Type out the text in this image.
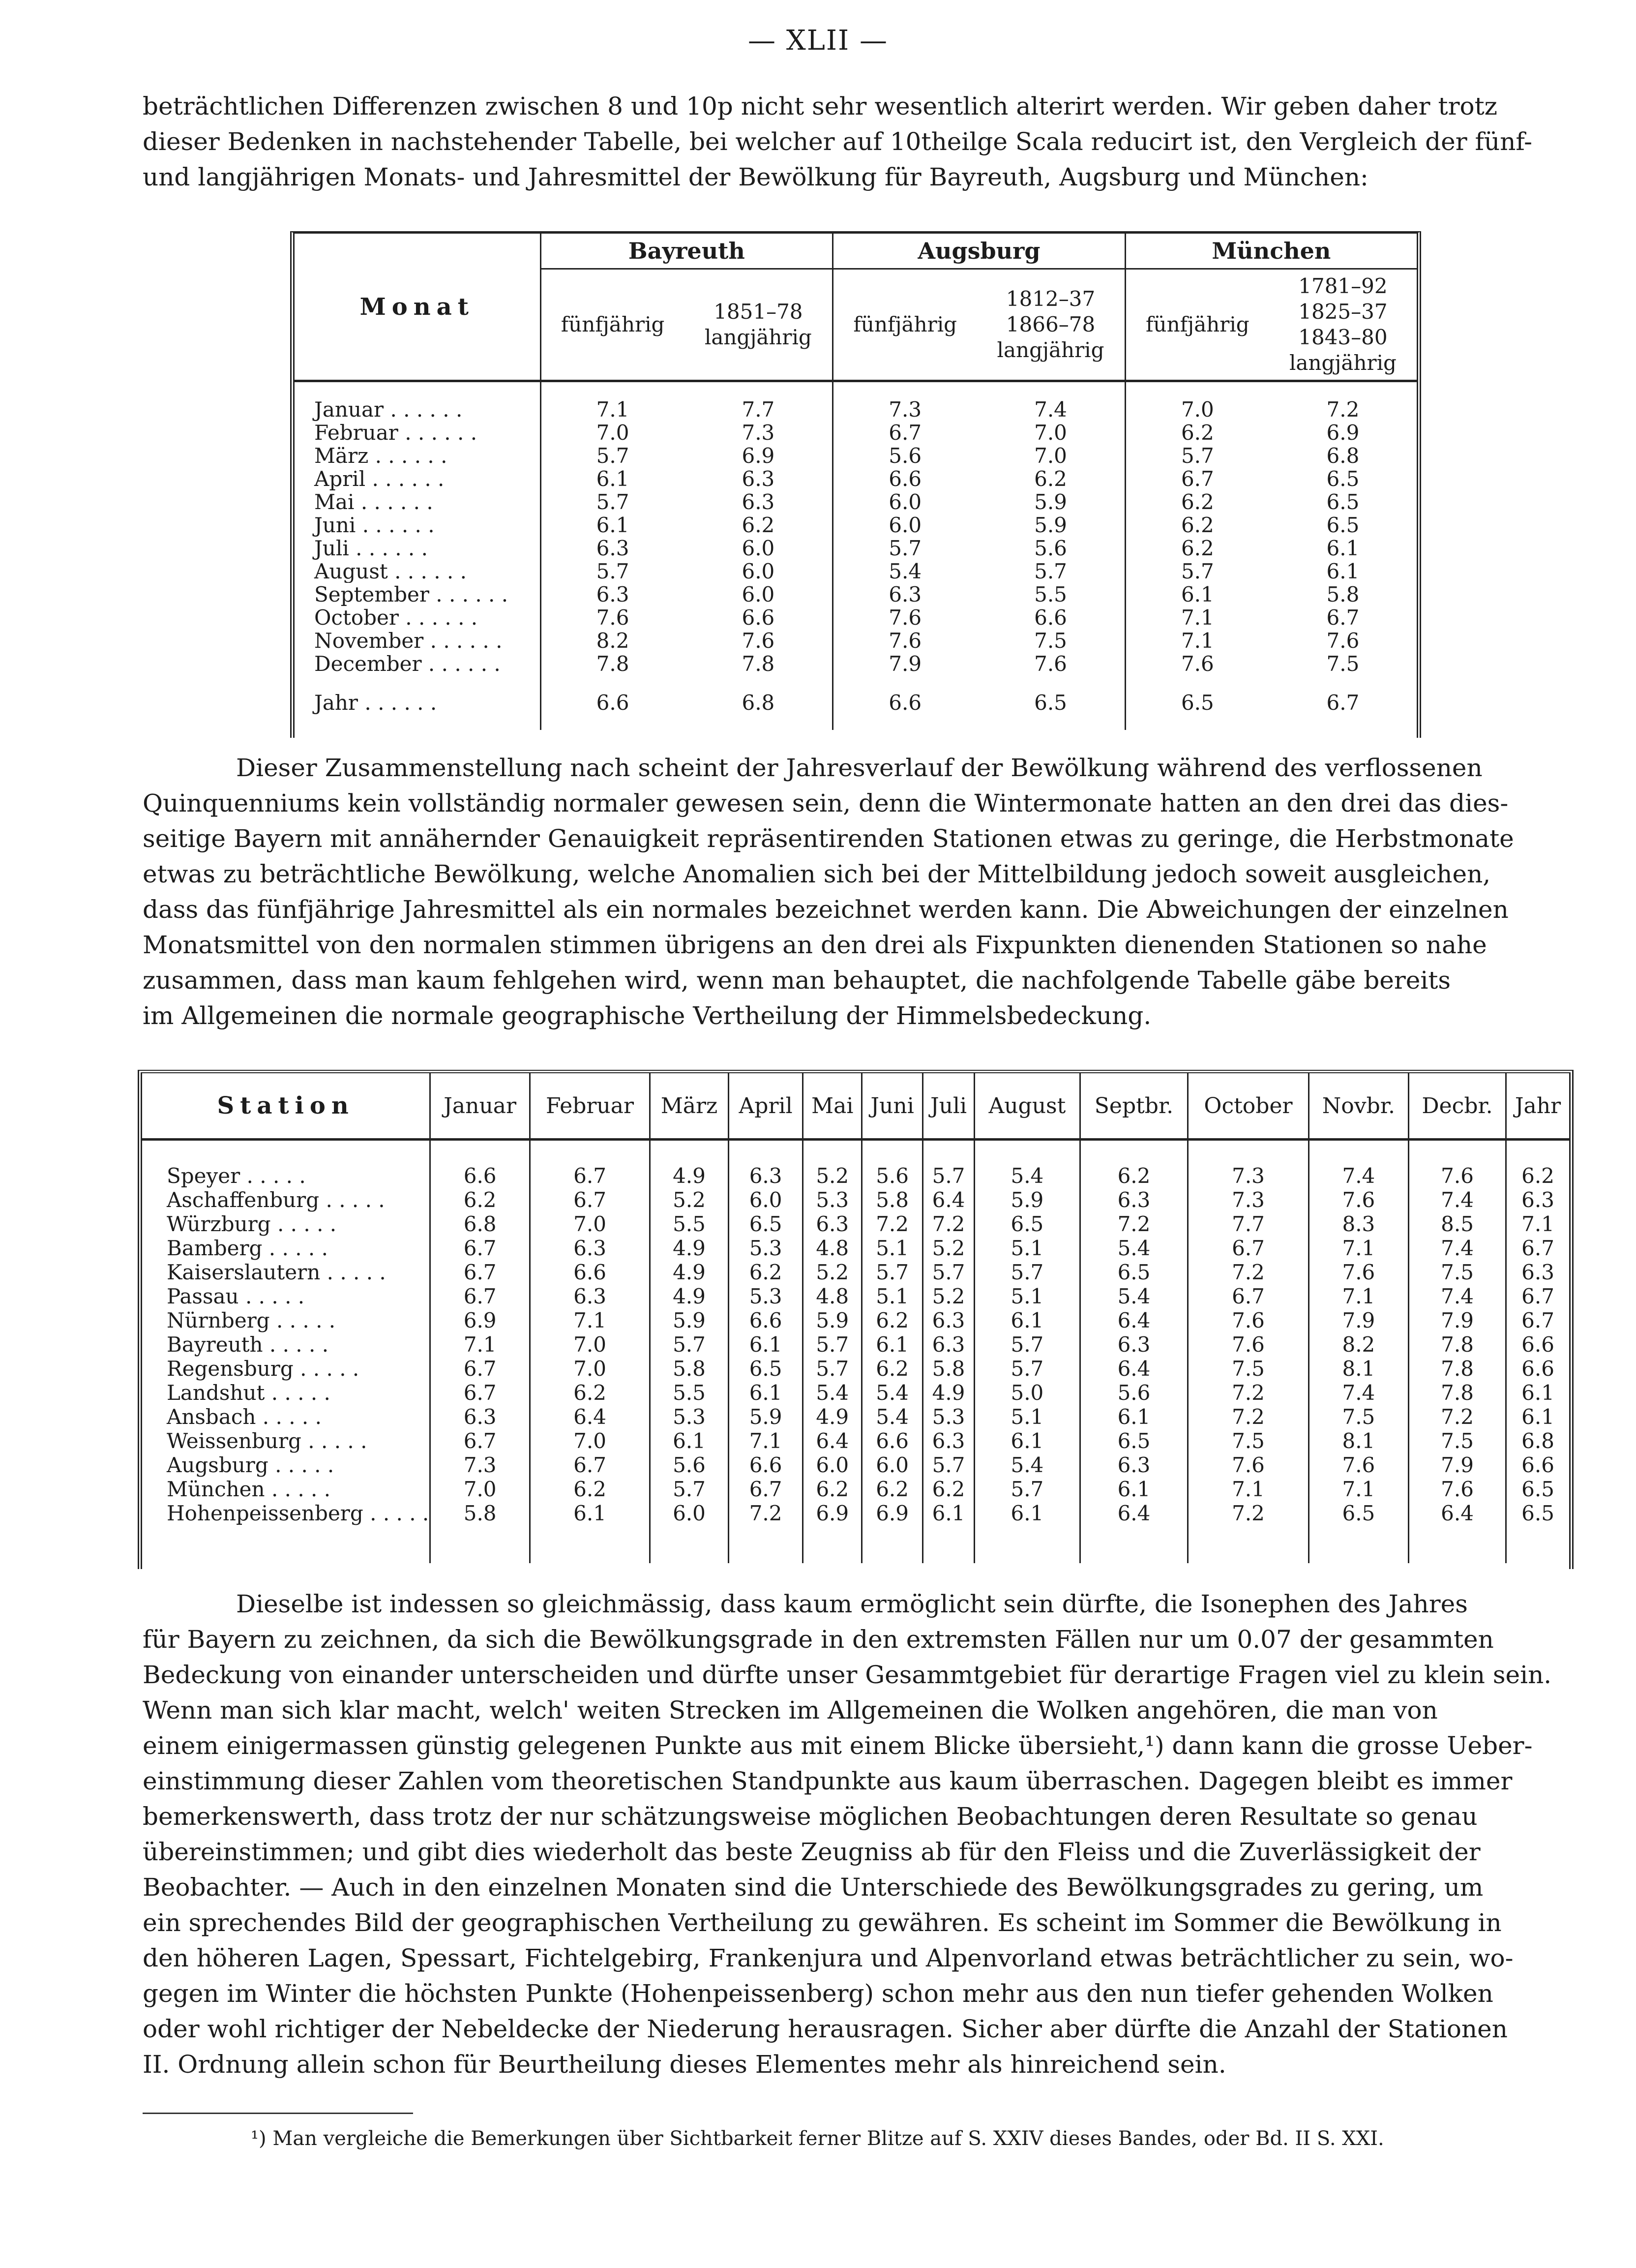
— XLII —
beträchtlichen Differenzen zwischen 8 und 10p nicht sehr wesentlich alterirt werden. Wir geben daher trotz
dieser Bedenken in nachstehender Tabelle, bei welcher auf 10theilge Scala reducirt ist, den Vergleich der fünf-
und langjährigen Monats- und Jahresmittel der Bewölkung für Bayreuth, Augsburg und München:
Monat	Bayreuth		Augsburg		München	
	fünfjährig	1851–78
langjährig	fünfjährig	1812–37
1866–78
langjährig	fünfjährig	1781–92
1825–37
1843–80
langjährig

Januar . . . . . .	7.1	7.7	7.3	7.4	7.0	7.2
Februar . . . . . .	7.0	7.3	6.7	7.0	6.2	6.9
März . . . . . .	5.7	6.9	5.6	7.0	5.7	6.8
April . . . . . .	6.1	6.3	6.6	6.2	6.7	6.5
Mai . . . . . .	5.7	6.3	6.0	5.9	6.2	6.5
Juni . . . . . .	6.1	6.2	6.0	5.9	6.2	6.5
Juli . . . . . .	6.3	6.0	5.7	5.6	6.2	6.1
August . . . . . .	5.7	6.0	5.4	5.7	5.7	6.1
September . . . . . .	6.3	6.0	6.3	5.5	6.1	5.8
October . . . . . .	7.6	6.6	7.6	6.6	7.1	6.7
November . . . . . .	8.2	7.6	7.6	7.5	7.1	7.6
December . . . . . .	7.8	7.8	7.9	7.6	7.6	7.5

Jahr . . . . . .	6.6	6.8	6.6	6.5	6.5	6.7

Dieser Zusammenstellung nach scheint der Jahresverlauf der Bewölkung während des verflossenen
Quinquenniums kein vollständig normaler gewesen sein, denn die Wintermonate hatten an den drei das dies-
seitige Bayern mit annähernder Genauigkeit repräsentirenden Stationen etwas zu geringe, die Herbstmonate
etwas zu beträchtliche Bewölkung, welche Anomalien sich bei der Mittelbildung jedoch soweit ausgleichen,
dass das fünfjährige Jahresmittel als ein normales bezeichnet werden kann. Die Abweichungen der einzelnen
Monatsmittel von den normalen stimmen übrigens an den drei als Fixpunkten dienenden Stationen so nahe
zusammen, dass man kaum fehlgehen wird, wenn man behauptet, die nachfolgende Tabelle gäbe bereits
im Allgemeinen die normale geographische Vertheilung der Himmelsbedeckung.
Station	Januar	Februar	März	April	Mai	Juni	Juli	August	Septbr.	October	Novbr.	Decbr.	Jahr

Speyer . . . . .	6.6	6.7	4.9	6.3	5.2	5.6	5.7	5.4	6.2	7.3	7.4	7.6	6.2
Aschaffenburg . . . . .	6.2	6.7	5.2	6.0	5.3	5.8	6.4	5.9	6.3	7.3	7.6	7.4	6.3
Würzburg . . . . .	6.8	7.0	5.5	6.5	6.3	7.2	7.2	6.5	7.2	7.7	8.3	8.5	7.1
Bamberg . . . . .	6.7	6.3	4.9	5.3	4.8	5.1	5.2	5.1	5.4	6.7	7.1	7.4	6.7
Kaiserslautern . . . . .	6.7	6.6	4.9	6.2	5.2	5.7	5.7	5.7	6.5	7.2	7.6	7.5	6.3
Passau . . . . .	6.7	6.3	4.9	5.3	4.8	5.1	5.2	5.1	5.4	6.7	7.1	7.4	6.7
Nürnberg . . . . .	6.9	7.1	5.9	6.6	5.9	6.2	6.3	6.1	6.4	7.6	7.9	7.9	6.7
Bayreuth . . . . .	7.1	7.0	5.7	6.1	5.7	6.1	6.3	5.7	6.3	7.6	8.2	7.8	6.6
Regensburg . . . . .	6.7	7.0	5.8	6.5	5.7	6.2	5.8	5.7	6.4	7.5	8.1	7.8	6.6
Landshut . . . . .	6.7	6.2	5.5	6.1	5.4	5.4	4.9	5.0	5.6	7.2	7.4	7.8	6.1
Ansbach . . . . .	6.3	6.4	5.3	5.9	4.9	5.4	5.3	5.1	6.1	7.2	7.5	7.2	6.1
Weissenburg . . . . .	6.7	7.0	6.1	7.1	6.4	6.6	6.3	6.1	6.5	7.5	8.1	7.5	6.8
Augsburg . . . . .	7.3	6.7	5.6	6.6	6.0	6.0	5.7	5.4	6.3	7.6	7.6	7.9	6.6
München . . . . .	7.0	6.2	5.7	6.7	6.2	6.2	6.2	5.7	6.1	7.1	7.1	7.6	6.5
Hohenpeissenberg . . . . .	5.8	6.1	6.0	7.2	6.9	6.9	6.1	6.1	6.4	7.2	6.5	6.4	6.5

Dieselbe ist indessen so gleichmässig, dass kaum ermöglicht sein dürfte, die Isonephen des Jahres
für Bayern zu zeichnen, da sich die Bewölkungsgrade in den extremsten Fällen nur um 0.07 der gesammten
Bedeckung von einander unterscheiden und dürfte unser Gesammtgebiet für derartige Fragen viel zu klein sein.
Wenn man sich klar macht, welch' weiten Strecken im Allgemeinen die Wolken angehören, die man von
einem einigermassen günstig gelegenen Punkte aus mit einem Blicke übersieht,¹) dann kann die grosse Ueber-
einstimmung dieser Zahlen vom theoretischen Standpunkte aus kaum überraschen. Dagegen bleibt es immer
bemerkenswerth, dass trotz der nur schätzungsweise möglichen Beobachtungen deren Resultate so genau
übereinstimmen; und gibt dies wiederholt das beste Zeugniss ab für den Fleiss und die Zuverlässigkeit der
Beobachter. — Auch in den einzelnen Monaten sind die Unterschiede des Bewölkungsgrades zu gering, um
ein sprechendes Bild der geographischen Vertheilung zu gewähren. Es scheint im Sommer die Bewölkung in
den höheren Lagen, Spessart, Fichtelgebirg, Frankenjura und Alpenvorland etwas beträchtlicher zu sein, wo-
gegen im Winter die höchsten Punkte (Hohenpeissenberg) schon mehr aus den nun tiefer gehenden Wolken
oder wohl richtiger der Nebeldecke der Niederung herausragen. Sicher aber dürfte die Anzahl der Stationen
II. Ordnung allein schon für Beurtheilung dieses Elementes mehr als hinreichend sein.
¹) Man vergleiche die Bemerkungen über Sichtbarkeit ferner Blitze auf S. XXIV dieses Bandes, oder Bd. II S. XXI.
